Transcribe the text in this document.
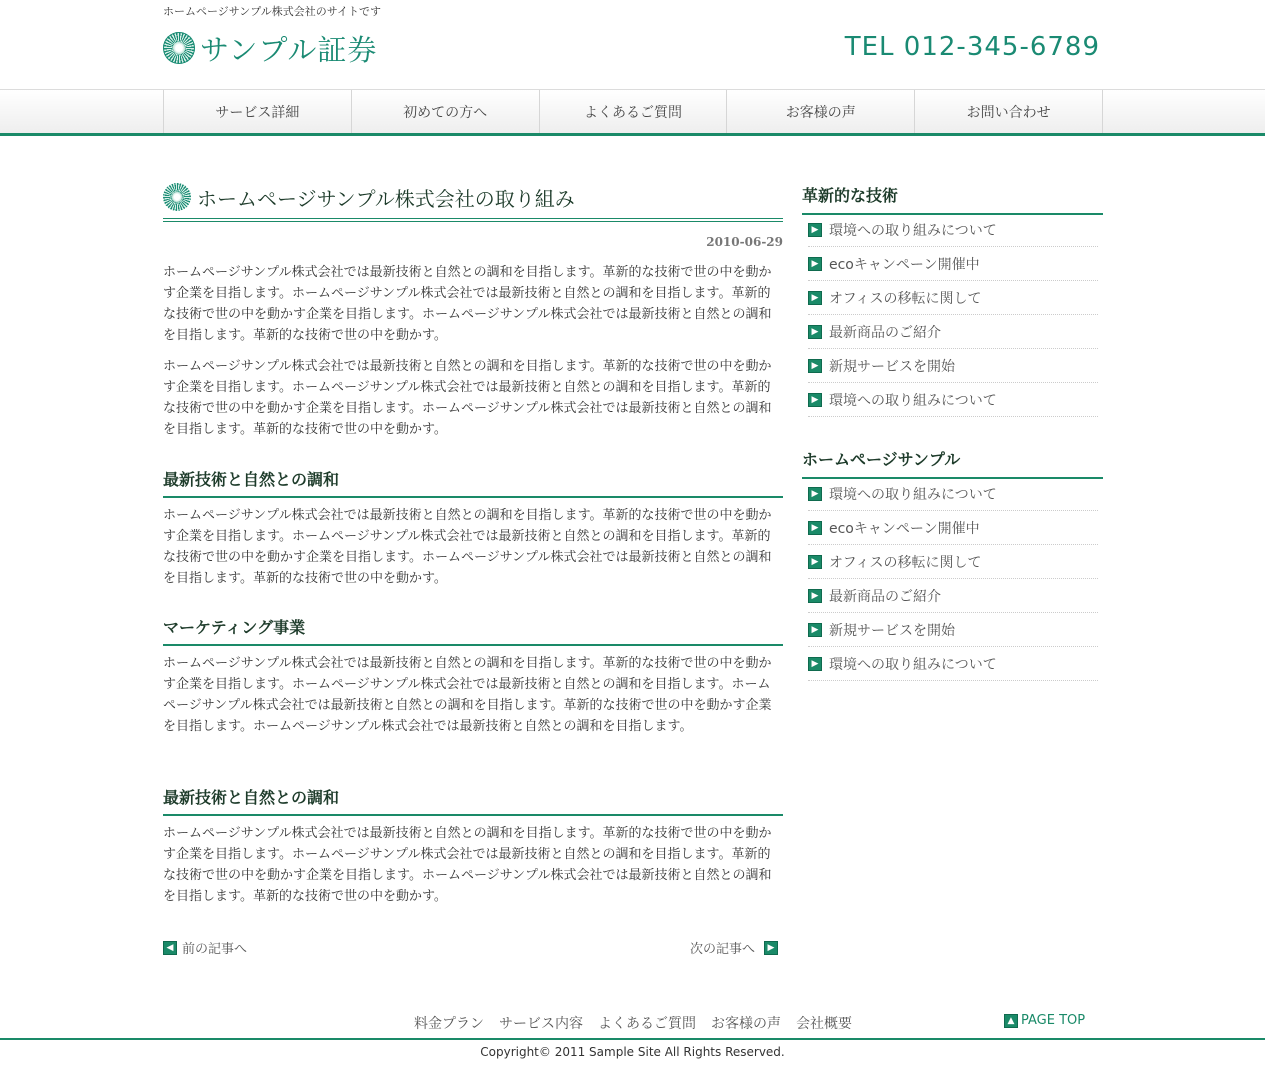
ホームページサンプル株式会社のサイトです
サンプル証券	TEL 012-345-6789
サービス詳細	初めての方へ	よくあるご質問	お客様の声	お問い合わせ
ホームページサンプル株式会社の取り組み
2010-06-29

ホームページサンプル株式会社では最新技術と自然との調和を目指します。革新的な技術で世の中を動かす企業を目指します。ホームページサンプル株式会社では最新技術と自然との調和を目指します。革新的な技術で世の中を動かす企業を目指します。ホームページサンプル株式会社では最新技術と自然との調和を目指します。革新的な技術で世の中を動かす。

ホームページサンプル株式会社では最新技術と自然との調和を目指します。革新的な技術で世の中を動かす企業を目指します。ホームページサンプル株式会社では最新技術と自然との調和を目指します。革新的な技術で世の中を動かす企業を目指します。ホームページサンプル株式会社では最新技術と自然との調和を目指します。革新的な技術で世の中を動かす。

最新技術と自然との調和

ホームページサンプル株式会社では最新技術と自然との調和を目指します。革新的な技術で世の中を動かす企業を目指します。ホームページサンプル株式会社では最新技術と自然との調和を目指します。革新的な技術で世の中を動かす企業を目指します。ホームページサンプル株式会社では最新技術と自然との調和を目指します。革新的な技術で世の中を動かす。

マーケティング事業

ホームページサンプル株式会社では最新技術と自然との調和を目指します。革新的な技術で世の中を動かす企業を目指します。ホームページサンプル株式会社では最新技術と自然との調和を目指します。ホームページサンプル株式会社では最新技術と自然との調和を目指します。革新的な技術で世の中を動かす企業を目指します。ホームページサンプル株式会社では最新技術と自然との調和を目指します。

最新技術と自然との調和

ホームページサンプル株式会社では最新技術と自然との調和を目指します。革新的な技術で世の中を動かす企業を目指します。ホームページサンプル株式会社では最新技術と自然との調和を目指します。革新的な技術で世の中を動かす企業を目指します。ホームページサンプル株式会社では最新技術と自然との調和を目指します。革新的な技術で世の中を動かす。

◀ 前の記事へ	次の記事へ	▶
革新的な技術
▶ 環境への取り組みについて
▶ ecoキャンペーン開催中
▶ オフィスの移転に関して
▶ 最新商品のご紹介
▶ 新規サービスを開始
▶ 環境への取り組みについて
ホームページサンプル
▶ 環境への取り組みについて
▶ ecoキャンペーン開催中
▶ オフィスの移転に関して
▶ 最新商品のご紹介
▶ 新規サービスを開始
▶ 環境への取り組みについて
料金プラン サービス内容 よくあるご質問 お客様の声 会社概要	▲ PAGE TOP
Copyright© 2011 Sample Site All Rights Reserved.
